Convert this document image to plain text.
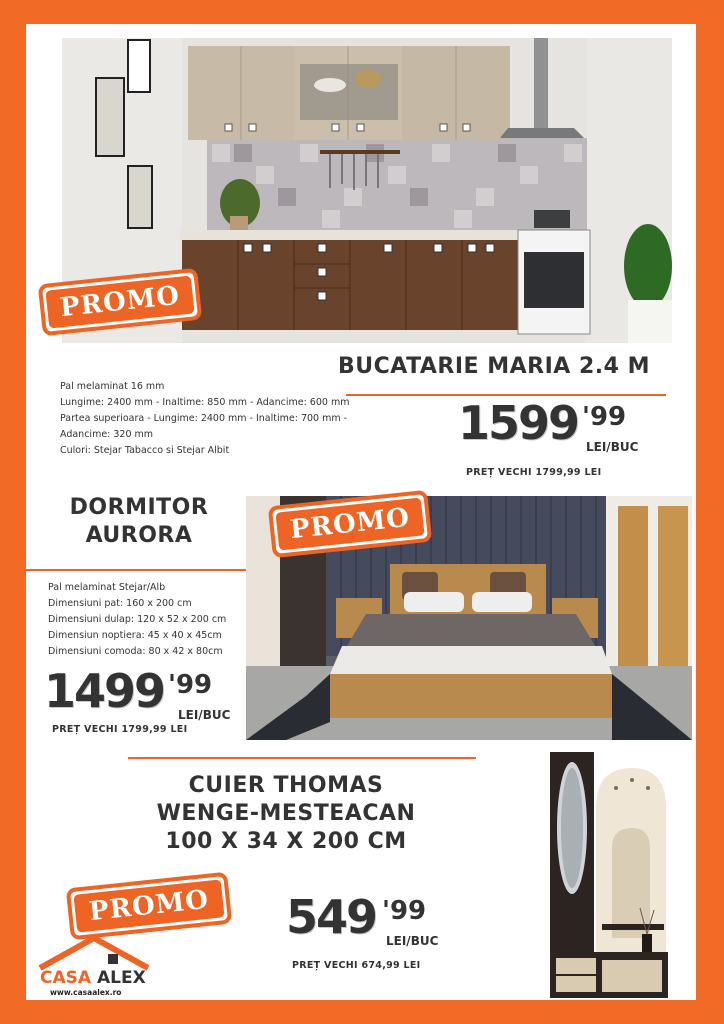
PROMO
BUCATARIE MARIA 2.4 M
Pal melaminat 16 mm
Lungime: 2400 mm - Inaltime: 850 mm - Adancime: 600 mm
Partea superioara - Lungime: 2400 mm - Inaltime: 700 mm -
Adancime: 320 mm
Culori: Stejar Tabacco si Stejar Albit
1599 '99
LEI/BUC
PREȚ VECHI 1799,99 LEI
DORMITOR
AURORA	PROMO
Pal melaminat Stejar/Alb
Dimensiuni pat: 160 x 200 cm
Dimensiuni dulap: 120 x 52 x 200 cm
Dimensiun noptiera: 45 x 40 x 45cm
Dimensiuni comoda: 80 x 42 x 80cm
1499 '99
LEI/BUC
PREȚ VECHI 1799,99 LEI
CUIER THOMAS
WENGE-MESTEACAN
100 X 34 X 200 CM
PROMO	549 '99
LEI/BUC
PREȚ VECHI 674,99 LEI
CASA ALEX
www.casaalex.ro
